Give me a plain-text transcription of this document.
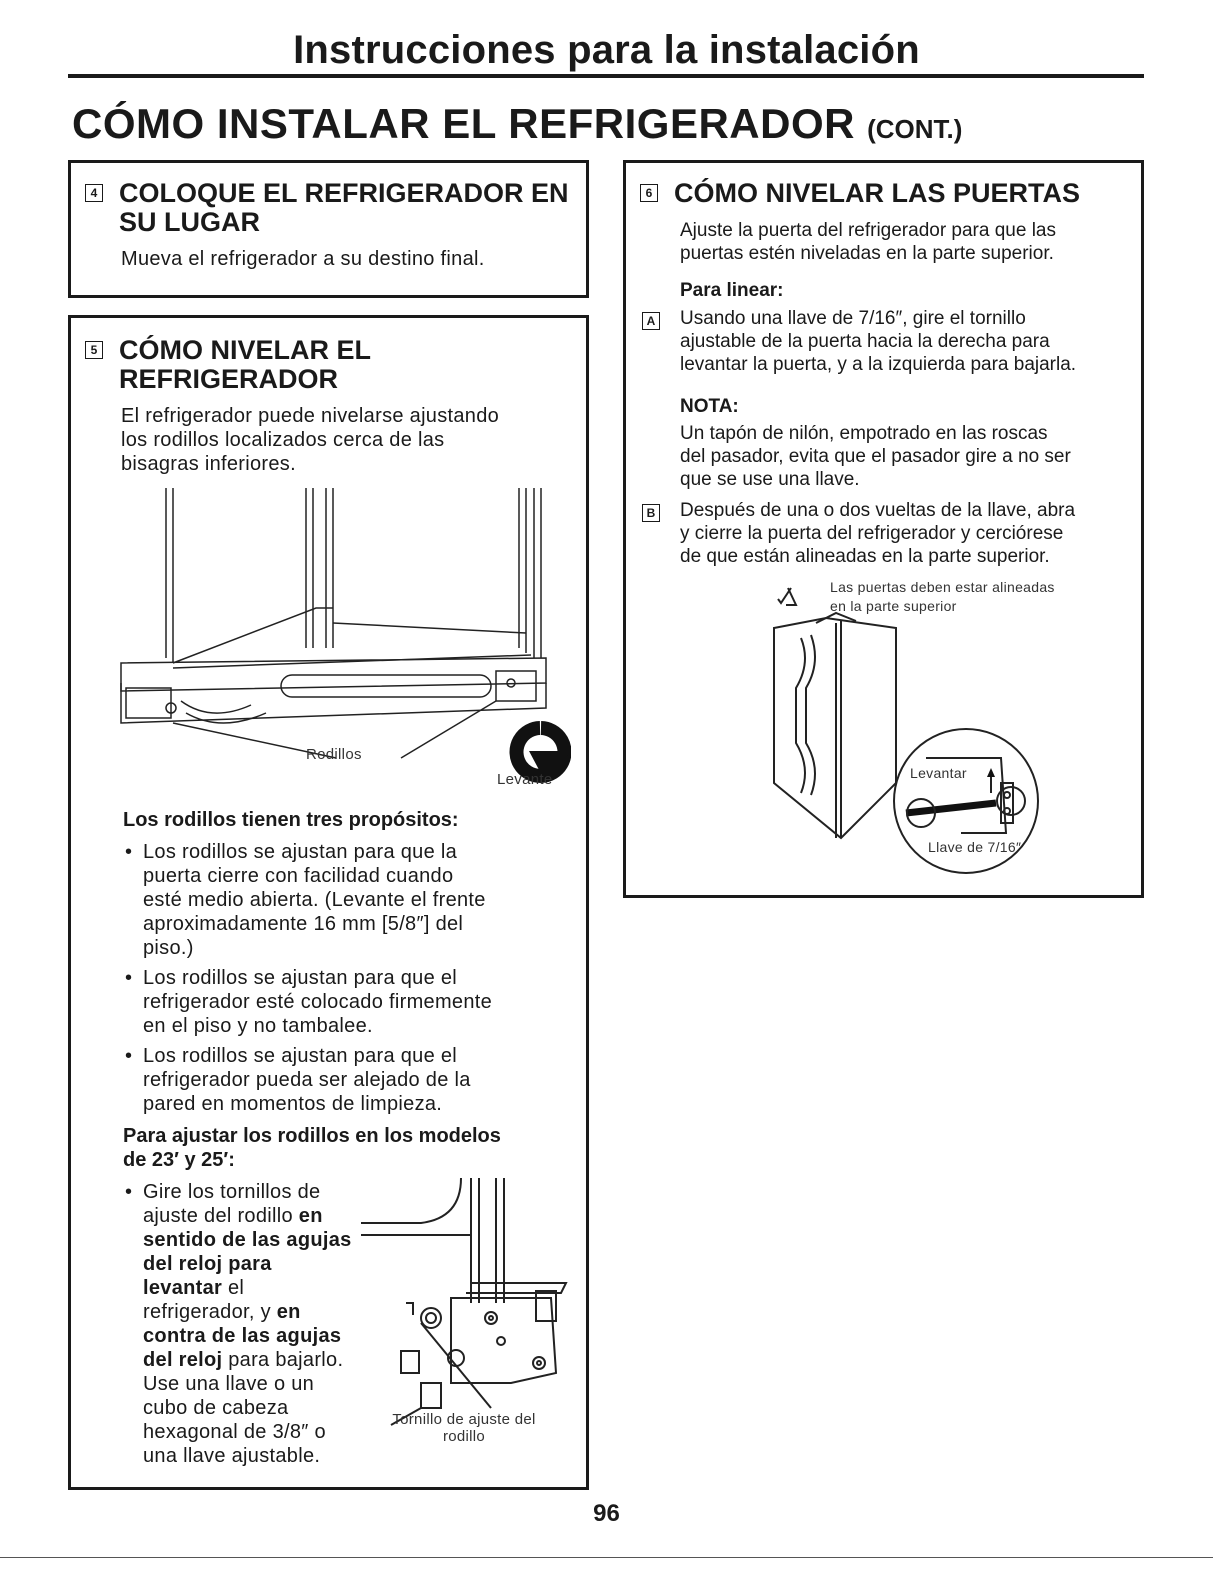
Instrucciones para la instalación
CÓMO INSTALAR EL REFRIGERADOR (CONT.)
4 COLOQUE EL REFRIGERADOR EN
SU LUGAR
Mueva el refrigerador a su destino final.
5 CÓMO NIVELAR EL
REFRIGERADOR
El refrigerador puede nivelarse ajustando
los rodillos localizados cerca de las
bisagras inferiores.
Rodillos
Levante
Los rodillos tienen tres propósitos:
• Los rodillos se ajustan para que la
puerta cierre con facilidad cuando
esté medio abierta. (Levante el frente
aproximadamente 16 mm [5/8″] del
piso.)
• Los rodillos se ajustan para que el
refrigerador esté colocado firmemente
en el piso y no tambalee.
• Los rodillos se ajustan para que el
refrigerador pueda ser alejado de la
pared en momentos de limpieza.
Para ajustar los rodillos en los modelos
de 23′ y 25′:
• Gire los tornillos de
ajuste del rodillo en
sentido de las agujas
del reloj para
levantar el
refrigerador, y en
contra de las agujas
del reloj para bajarlo.
Use una llave o un
cubo de cabeza
hexagonal de 3/8″ o
una llave ajustable.
Tornillo de ajuste del
rodillo
6 CÓMO NIVELAR LAS PUERTAS
Ajuste la puerta del refrigerador para que las
puertas estén niveladas en la parte superior.
Para linear:
A Usando una llave de 7/16″, gire el tornillo
ajustable de la puerta hacia la derecha para
levantar la puerta, y a la izquierda para bajarla.
NOTA:
Un tapón de nilón, empotrado en las roscas
del pasador, evita que el pasador gire a no ser
que se use una llave.
B Después de una o dos vueltas de la llave, abra
y cierre la puerta del refrigerador y cerciórese
de que están alineadas en la parte superior.
Las puertas deben estar alineadas
en la parte superior
Levantar
Llave de 7/16″
96
